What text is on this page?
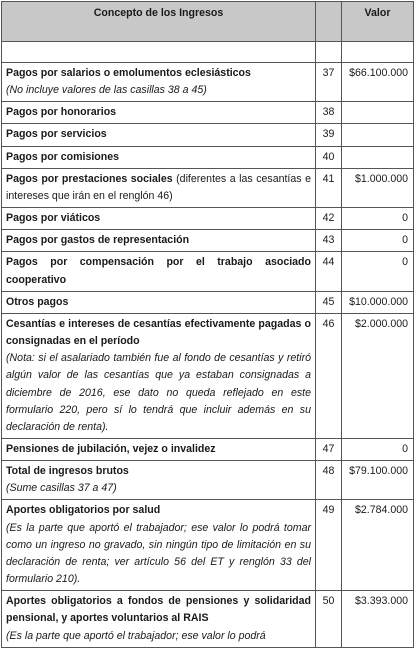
Concepto de los Ingresos		Valor

Pagos por salarios o emolumentos eclesiásticos
(No incluye valores de las casillas 38 a 45)	37	$66.100.000

Pagos por honorarios	38	

Pagos por servicios	39	

Pagos por comisiones	40	

Pagos por prestaciones sociales (diferentes a las cesantías e intereses que irán en el renglón 46)	41	$1.000.000

Pagos por viáticos	42	0

Pagos por gastos de representación	43	0

Pagos por compensación por el trabajo asociado cooperativo	44	0

Otros pagos	45	$10.000.000

Cesantías e intereses de cesantías efectivamente pagadas o consignadas en el período
(Nota: si el asalariado también fue al fondo de cesantías y retiró algún valor de las cesantías que ya estaban consignadas a diciembre de 2016, ese dato no queda reflejado en este formulario 220, pero sí lo tendrá que incluir además en su declaración de renta).	46	$2.000.000

Pensiones de jubilación, vejez o invalidez	47	0

Total de ingresos brutos
(Sume casillas 37 a 47)	48	$79.100.000

Aportes obligatorios por salud
(Es la parte que aportó el trabajador; ese valor lo podrá tomar como un ingreso no gravado, sin ningún tipo de limitación en su declaración de renta; ver artículo 56 del ET y renglón 33 del formulario 210).	49	$2.784.000

Aportes obligatorios a fondos de pensiones y solidaridad pensional, y aportes voluntarios al RAIS
(Es la parte que aportó el trabajador; ese valor lo podrá	50	$3.393.000
